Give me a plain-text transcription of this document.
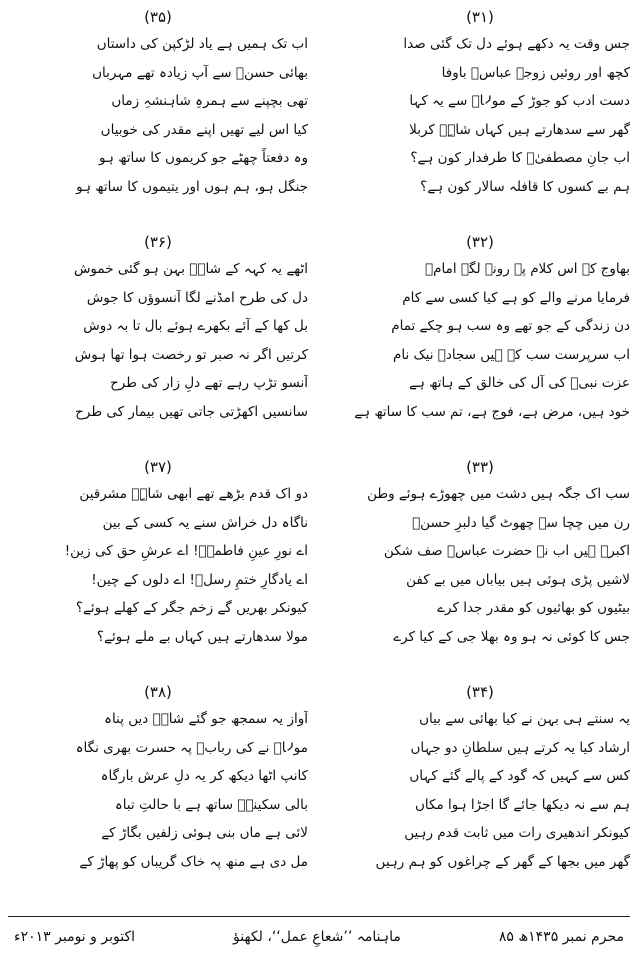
(۳۱)
جس وقت یہ دکھے ہوئے دل تک گئی صدا
کچھ اور روئیں زوجۂ عباسؑ باوفا
دست ادب کو جوڑ کے مولاؑ سے یہ کہا
گھر سے سدھارتے ہیں کہاں شاہِؑ کربلا
اب جانِ مصطفیٰؐ کا طرفدار کون ہے؟
ہم بے کسوں کا قافلہ سالار کون ہے؟
(۳۲)
بھاوج کے اس کلام پہ رونے لگے امامؑ
فرمایا مرنے والے کو ہے کیا کسی سے کام
دن زندگی کے جو تھے وہ سب ہو چکے تمام
اب سرپرست سب کے ہیں سجادؑ نیک نام
عزت نبیؐ کی آل کی خالق کے ہاتھ ہے
خود ہیں، مرض ہے، فوج ہے، تم سب کا ساتھ ہے
(۳۳)
سب اک جگہ ہیں دشت میں چھوڑے ہوئے وطن
رن میں چچا سے چھوٹ گیا دلبرِ حسنؑ
اکبرؑ ہیں اب نہ حضرت عباسؑ صف شکن
لاشیں پڑی ہوئی ہیں بیاباں میں بے کفن
بیٹیوں کو بھائیوں کو مقدر جدا کرے
جس کا کوئی نہ ہو وہ بھلا جی کے کیا کرے
(۳۴)
یہ سنتے ہی بہن نے کیا بھائی سے بیاں
ارشاد کیا یہ کرتے ہیں سلطانِ دو جہاں
کس سے کہیں کہ گود کے پالے گئے کہاں
ہم سے نہ دیکھا جائے گا اجڑا ہوا مکاں
کیونکر اندھیری رات میں ثابت قدم رہیں
گھر میں بجھا کے گھر کے چراغوں کو ہم رہیں
(۳۵)
اب تک ہمیں ہے یاد لڑکپن کی داستاں
بھائی حسنؑ سے آپ زیادہ تھے مہرباں
تھی بچپنے سے ہمرہِ شاہنشہِ زماں
کیا اس لیے تھیں اپنے مقدر کی خوبیاں
وہ دفعتاً چھٹے جو کریموں کا ساتھ ہو
جنگل ہو، ہم ہوں اور یتیموں کا ساتھ ہو
(۳۶)
اٹھے یہ کہہ کے شاہؑ بہن ہو گئی خموش
دل کی طرح امڈنے لگا آنسوؤں کا جوش
بل کھا کے آئے بکھرے ہوئے بال تا بہ دوش
کرتیں اگر نہ صبر تو رخصت ہوا تھا ہوش
آنسو تڑپ رہے تھے دلِ زار کی طرح
سانسیں اکھڑتی جاتی تھیں بیمار کی طرح
(۳۷)
دو اک قدم بڑھے تھے ابھی شاہِؑ مشرقین
ناگاہ دل خراش سنے یہ کسی کے بین
اے نورِ عینِ فاطمہؑ! اے عرشِ حق کی زین!
اے یادگارِ ختمِ رسلؐ! اے دلوں کے چین!
کیونکر بھریں گے زخم جگر کے کھلے ہوئے؟
مولا سدھارتے ہیں کہاں بے ملے ہوئے؟
(۳۸)
آواز یہ سمجھ جو گئے شاہؑ دیں پناہ
مولاؑ نے کی ربابؑ پہ حسرت بھری نگاہ
کانپ اٹھا دیکھ کر یہ دلِ عرش بارگاہ
بالی سکینہؑ ساتھ ہے با حالتِ تباہ
لائی ہے ماں بنی ہوئی زلفیں بگاڑ کے
مل دی ہے منھ پہ خاک گریباں کو پھاڑ کے
اکتوبر و نومبر ۲۰۱۳ء	ماہنامہ ’’شعاعِ عمل‘‘، لکھنؤ	محرم نمبر ۱۴۳۵ھ ۸۵
